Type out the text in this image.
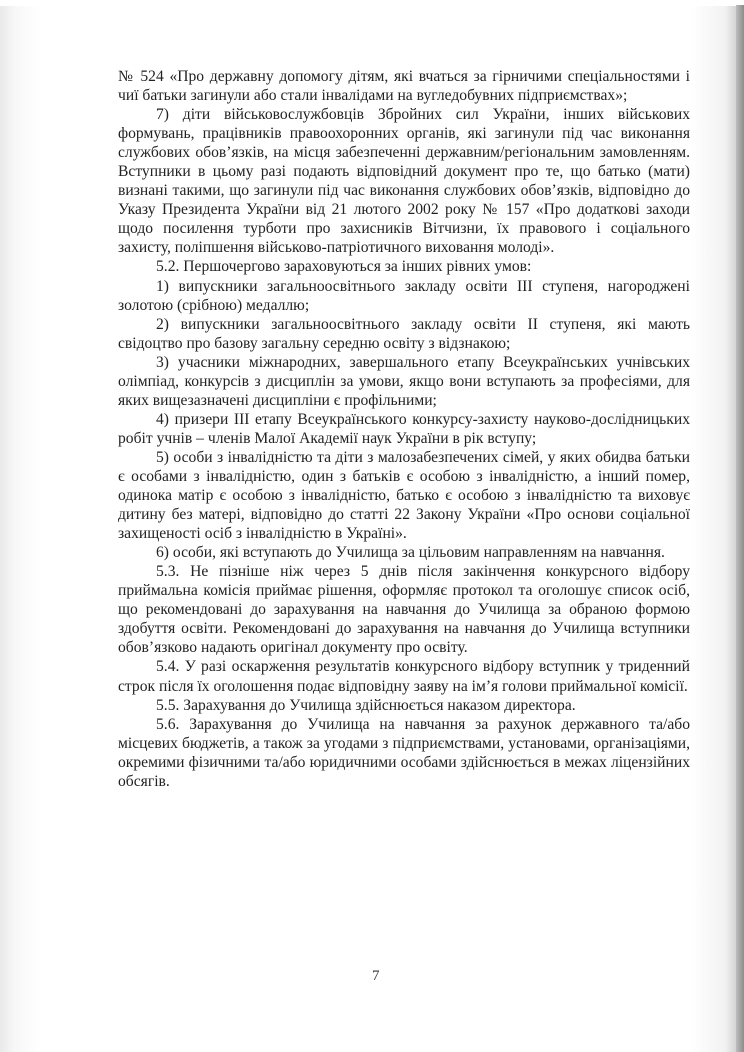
№ 524 «Про державну допомогу дітям, які вчаться за гірничими спеціальностями і чиї батьки загинули або стали інвалідами на вугледобувних підприємствах»;

7) діти військовослужбовців Збройних сил України, інших військових формувань, працівників правоохоронних органів, які загинули під час виконання службових обов’язків, на місця забезпеченні державним/регіональним замовленням. Вступники в цьому разі подають відповідний документ про те, що батько (мати) визнані такими, що загинули під час виконання службових обов’язків, відповідно до Указу Президента України від 21 лютого 2002 року № 157 «Про додаткові заходи щодо посилення турботи про захисників Вітчизни, їх правового і соціального захисту, поліпшення військово-патріотичного виховання молоді».

5.2. Першочергово зараховуються за інших рівних умов:

1) випускники загальноосвітнього закладу освіти III ступеня, нагороджені золотою (срібною) медаллю;

2) випускники загальноосвітнього закладу освіти II ступеня, які мають свідоцтво про базову загальну середню освіту з відзнакою;

3) учасники міжнародних, завершального етапу Всеукраїнських учнівських олімпіад, конкурсів з дисциплін за умови, якщо вони вступають за професіями, для яких вищезазначені дисципліни є профільними;

4) призери III етапу Всеукраїнського конкурсу-захисту науково-дослідницьких робіт учнів – членів Малої Академії наук України в рік вступу;

5) особи з інвалідністю та діти з малозабезпечених сімей, у яких обидва батьки є особами з інвалідністю, один з батьків є особою з інвалідністю, а інший помер, одинока матір є особою з інвалідністю, батько є особою з інвалідністю та виховує дитину без матері, відповідно до статті 22 Закону України «Про основи соціальної захищеності осіб з інвалідністю в Україні».

6) особи, які вступають до Училища за цільовим направленням на навчання.

5.3. Не пізніше ніж через 5 днів після закінчення конкурсного відбору приймальна комісія приймає рішення, оформляє протокол та оголошує список осіб, що рекомендовані до зарахування на навчання до Училища за обраною формою здобуття освіти. Рекомендовані до зарахування на навчання до Училища вступники обов’язково надають оригінал документу про освіту.

5.4. У разі оскарження результатів конкурсного відбору вступник у триденний строк після їх оголошення подає відповідну заяву на ім’я голови приймальної комісії.

5.5. Зарахування до Училища здійснюється наказом директора.

5.6. Зарахування до Училища на навчання за рахунок державного та/або місцевих бюджетів, а також за угодами з підприємствами, установами, організаціями, окремими фізичними та/або юридичними особами здійснюється в межах ліцензійних обсягів.

7
